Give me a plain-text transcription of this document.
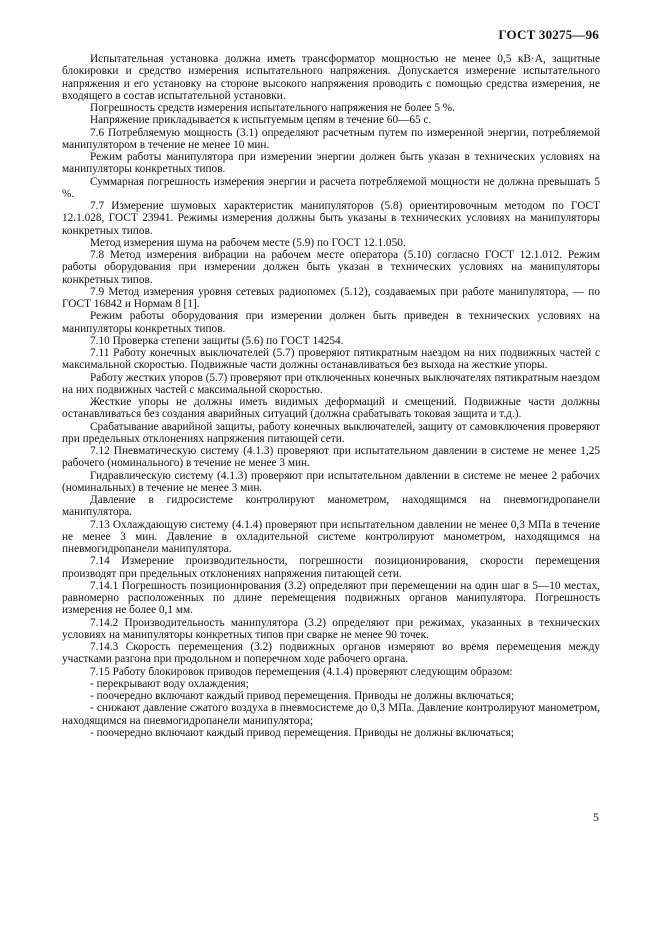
ГОСТ 30275—96

Испытательная установка должна иметь трансформатор мощностью не менее 0,5 кВ·А, защитные блокировки и средство измерения испытательного напряжения. Допускается измерение испытательного напряжения и его установку на стороне высокого напряжения проводить с помощью средства измерения, не входящего в состав испытательной установки.

Погрешность средств измерения испытательного напряжения не более 5 %.

Напряжение прикладывается к испытуемым цепям в течение 60—65 с.

7.6 Потребляемую мощность (3.1) определяют расчетным путем по измеренной энергии, потребляемой манипулятором в течение не менее 10 мин.

Режим работы манипулятора при измерении энергии должен быть указан в технических условиях на манипуляторы конкретных типов.

Суммарная погрешность измерения энергии и расчета потребляемой мощности не должна превышать 5 %.

7.7 Измерение шумовых характеристик манипуляторов (5.8) ориентировочным методом по ГОСТ 12.1.028, ГОСТ 23941. Режимы измерения должны быть указаны в технических условиях на манипуляторы конкретных типов.

Метод измерения шума на рабочем месте (5.9) по ГОСТ 12.1.050.

7.8 Метод измерения вибрации на рабочем месте оператора (5.10) согласно ГОСТ 12.1.012. Режим работы оборудования при измерении должен быть указан в технических условиях на манипуляторы конкретных типов.

7.9 Метод измерения уровня сетевых радиопомех (5.12), создаваемых при работе манипулятора, — по ГОСТ 16842 и Нормам 8 [1].

Режим работы оборудования при измерении должен быть приведен в технических условиях на манипуляторы конкретных типов.

7.10 Проверка степени защиты (5.6) по ГОСТ 14254.

7.11 Работу конечных выключателей (5.7) проверяют пятикратным наездом на них подвижных частей с максимальной скоростью. Подвижные части должны останавливаться без выхода на жесткие упоры.

Работу жестких упоров (5.7) проверяют при отключенных конечных выключателях пятикратным наездом на них подвижных частей с максимальной скоростью.

Жесткие упоры не должны иметь видимых деформаций и смещений. Подвижные части должны останавливаться без создания аварийных ситуаций (должна срабатывать токовая защита и т.д.).

Срабатывание аварийной защиты, работу конечных выключателей, защиту от самовключения проверяют при предельных отклонениях напряжения питающей сети.

7.12 Пневматическую систему (4.1.3) проверяют при испытательном давлении в системе не менее 1,25 рабочего (номинального) в течение не менее 3 мин.

Гидравлическую систему (4.1.3) проверяют при испытательном давлении в системе не менее 2 рабочих (номинальных) в течение не менее 3 мин.

Давление в гидросистеме контролируют манометром, находящимся на пневмогидропанели манипулятора.

7.13 Охлаждающую систему (4.1.4) проверяют при испытательном давлении не менее 0,3 МПа в течение не менее 3 мин. Давление в охладительной системе контролируют манометром, находящимся на пневмогидропанели манипулятора.

7.14 Измерение производительности, погрешности позиционирования, скорости перемещения производят при предельных отклонениях напряжения питающей сети.

7.14.1 Погрешность позиционирования (3.2) определяют при перемещении на один шаг в 5—10 местах, равномерно расположенных по длине перемещения подвижных органов манипулятора. Погрешность измерения не более 0,1 мм.

7.14.2 Производительность манипулятора (3.2) определяют при режимах, указанных в технических условиях на манипуляторы конкретных типов при сварке не менее 90 точек.

7.14.3 Скорость перемещения (3.2) подвижных органов измеряют во время перемещения между участками разгона при продольном и поперечном ходе рабочего органа.

7.15 Работу блокировок приводов перемещения (4.1.4) проверяют следующим образом:

- перекрывают воду охлаждения;

- поочередно включают каждый привод перемещения. Приводы не должны включаться;

- снижают давление сжатого воздуха в пневмосистеме до 0,3 МПа. Давление контролируют манометром, находящимся на пневмогидропанели манипулятора;

- поочередно включают каждый привод перемещения. Приводы не должны включаться;

5
